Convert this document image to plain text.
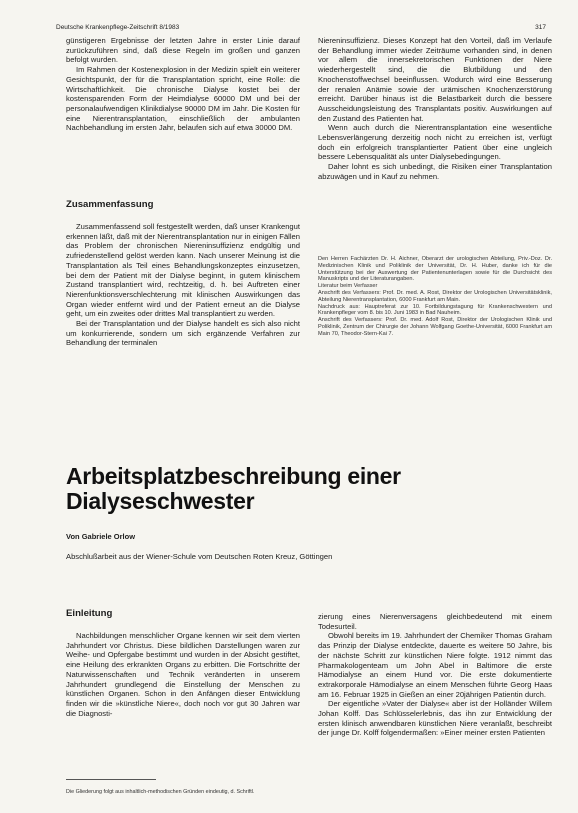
Deutsche Krankenpflege-Zeitschrift 8/1983	317

günstigeren Ergebnisse der letzten Jahre in erster Linie darauf zurückzuführen sind, daß diese Regeln im großen und ganzen befolgt wurden.

Im Rahmen der Kostenexplosion in der Medizin spielt ein weiterer Gesichtspunkt, der für die Transplantation spricht, eine Rolle: die Wirtschaftlichkeit. Die chronische Dialyse kostet bei der kostensparenden Form der Heimdialyse 60000 DM und bei der personalaufwendigen Klinikdialyse 90000 DM im Jahr. Die Kosten für eine Nierentransplantation, einschließlich der ambulanten Nachbehandlung im ersten Jahr, belaufen sich auf etwa 30000 DM.

Zusammenfassung

Zusammenfassend soll festgestellt werden, daß unser Krankengut erkennen läßt, daß mit der Nierentransplantation nur in einigen Fällen das Problem der chronischen Niereninsuffizienz endgültig und zufriedenstellend gelöst werden kann. Nach unserer Meinung ist die Transplantation als Teil eines Behandlungskonzeptes einzusetzen, bei dem der Patient mit der Dialyse beginnt, in gutem klinischem Zustand transplantiert wird, rechtzeitig, d. h. bei Auftreten einer Nierenfunktionsverschlechterung mit klinischen Auswirkungen das Organ wieder entfernt wird und der Patient erneut an die Dialyse geht, um ein zweites oder drittes Mal transplantiert zu werden.

Bei der Transplantation und der Dialyse handelt es sich also nicht um konkurrierende, sondern um sich ergänzende Verfahren zur Behandlung der terminalen

Niereninsuffizienz. Dieses Konzept hat den Vorteil, daß im Verlaufe der Behandlung immer wieder Zeiträume vorhanden sind, in denen vor allem die innersekretorischen Funktionen der Niere wiederhergestellt sind, die die Blutbildung und den Knochenstoffwechsel beeinflussen. Wodurch wird eine Besserung der renalen Anämie sowie der urämischen Knochenzerstörung erreicht. Darüber hinaus ist die Belastbarkeit durch die bessere Ausscheidungsleistung des Transplantats positiv. Auswirkungen auf den Zustand des Patienten hat.

Wenn auch durch die Nierentransplantation eine wesentliche Lebensverlängerung derzeitig noch nicht zu erreichen ist, verfügt doch ein erfolgreich transplantierter Patient über eine ungleich bessere Lebensqualität als unter Dialysebedingungen.

Daher lohnt es sich unbedingt, die Risiken einer Transplantation abzuwägen und in Kauf zu nehmen.

Den Herren Fachärzten Dr. H. Aichner, Oberarzt der urologischen Abteilung, Priv.-Doz. Dr. Medizinischen Klinik und Poliklinik der Universität, Dr. H. Huber, danke ich für die Unterstützung bei der Auswertung der Patientenunterlagen sowie für die Durchsicht des Manuskripts und der Literaturangaben.

Literatur beim Verfasser

Anschrift des Verfassers: Prof. Dr. med. A. Rost, Direktor der Urologischen Universitätsklinik, Abteilung Nierentransplantation, 6000 Frankfurt am Main.

Nachdruck aus: Hauptreferat zur 10. Fortbildungstagung für Krankenschwestern und Krankenpfleger vom 8. bis 10. Juni 1983 in Bad Nauheim.

Anschrift des Verfassers: Prof. Dr. med. Adolf Rost, Direktor der Urologischen Klinik und Poliklinik, Zentrum der Chirurgie der Johann Wolfgang Goethe-Universität, 6000 Frankfurt am Main 70, Theodor-Stern-Kai 7.

Arbeitsplatzbeschreibung einer
Dialyseschwester
Von Gabriele Orlow
Abschlußarbeit aus der Wiener-Schule vom Deutschen Roten Kreuz, Göttingen
Einleitung

Nachbildungen menschlicher Organe kennen wir seit dem vierten Jahrhundert vor Christus. Diese bildlichen Darstellungen waren zur Weihe- und Opfergabe bestimmt und wurden in der Absicht gestiftet, eine Heilung des erkrankten Organs zu erbitten. Die Fortschritte der Naturwissenschaften und Technik veränderten in unserem Jahrhundert grundlegend die Einstellung der Menschen zu künstlichen Organen. Schon in den Anfängen dieser Entwicklung finden wir die »künstliche Niere«, doch noch vor gut 30 Jahren war die Diagnosti-

zierung eines Nierenversagens gleichbedeutend mit einem Todesurteil.

Obwohl bereits im 19. Jahrhundert der Chemiker Thomas Graham das Prinzip der Dialyse entdeckte, dauerte es weitere 50 Jahre, bis der nächste Schritt zur künstlichen Niere folgte. 1912 nimmt das Pharmakologenteam um John Abel in Baltimore die erste Hämodialyse an einem Hund vor. Die erste dokumentierte extrakorporale Hämodialyse an einem Menschen führte Georg Haas am 16. Februar 1925 in Gießen an einer 20jährigen Patientin durch.

Der eigentliche »Vater der Dialyse« aber ist der Holländer Willem Johan Kolff. Das Schlüsselerlebnis, das ihn zur Entwicklung der ersten klinisch anwendbaren künstlichen Niere veranlaßt, beschreibt der junge Dr. Kolff folgendermaßen: »Einer meiner ersten Patienten

Die Gliederung folgt aus inhaltlich-methodischen Gründen eindeutig, d. Schriftl.
